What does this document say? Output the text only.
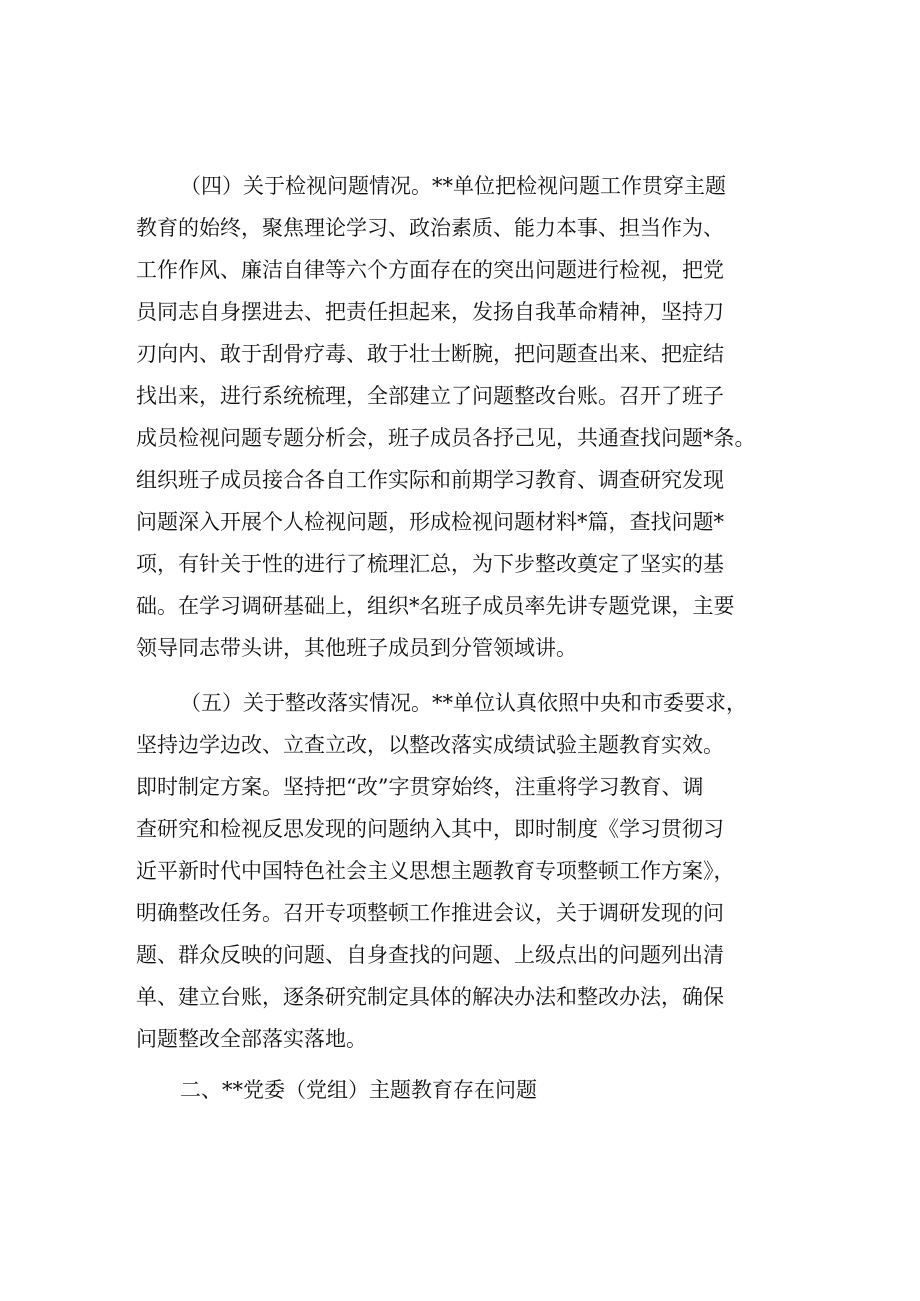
（四）关于检视问题情况。**单位把检视问题工作贯穿主题
教育的始终，聚焦理论学习、政治素质、能力本事、担当作为、
工作作风、廉洁自律等六个方面存在的突出问题进行检视，把党
员同志自身摆进去、把责任担起来，发扬自我革命精神，坚持刀
刃向内、敢于刮骨疗毒、敢于壮士断腕，把问题查出来、把症结
找出来，进行系统梳理，全部建立了问题整改台账。召开了班子
成员检视问题专题分析会，班子成员各抒己见，共通查找问题*条。
组织班子成员接合各自工作实际和前期学习教育、调查研究发现
问题深入开展个人检视问题，形成检视问题材料*篇，查找问题*
项，有针关于性的进行了梳理汇总，为下步整改奠定了坚实的基
础。在学习调研基础上，组织*名班子成员率先讲专题党课，主要
领导同志带头讲，其他班子成员到分管领域讲。
（五）关于整改落实情况。**单位认真依照中央和市委要求，
坚持边学边改、立查立改，以整改落实成绩试验主题教育实效。
即时制定方案。坚持把“改”字贯穿始终，注重将学习教育、调
查研究和检视反思发现的问题纳入其中，即时制度《学习贯彻习
近平新时代中国特色社会主义思想主题教育专项整顿工作方案》，
明确整改任务。召开专项整顿工作推进会议，关于调研发现的问
题、群众反映的问题、自身查找的问题、上级点出的问题列出清
单、建立台账，逐条研究制定具体的解决办法和整改办法，确保
问题整改全部落实落地。
二、**党委（党组）主题教育存在问题
